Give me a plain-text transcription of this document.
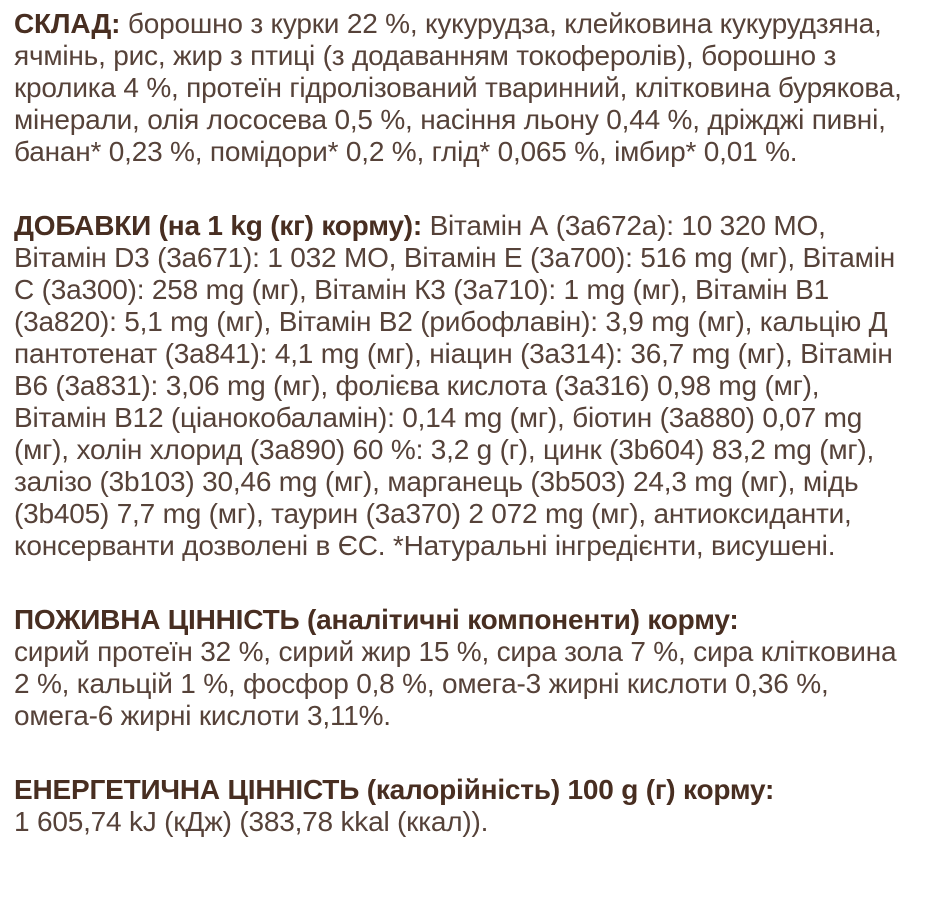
СКЛАД: борошно з курки 22 %, кукурудза, клейковина кукурудзяна, ячмінь, рис, жир з птиці (з додаванням токоферолів), борошно з кролика 4 %, протеїн гідролізований тваринний, клітковина бурякова, мінерали, олія лососева 0,5 %, насіння льону 0,44 %, дріжджі пивні, банан* 0,23 %, помідори* 0,2 %, глід* 0,065 %, імбир* 0,01 %.

ДОБАВКИ (на 1 kg (кг) корму): Вітамін А (3а672а): 10 320 МО, Вітамін D3 (3а671): 1 032 МО, Вітамін Е (3а700): 516 mg (мг), Вітамін С (3а300): 258 mg (мг), Вітамін К3 (3а710): 1 mg (мг), Вітамін В1 (3а820): 5,1 mg (мг), Вітамін В2 (рибофлавін): 3,9 mg (мг), кальцію Д пантотенат (3а841): 4,1 mg (мг), ніацин (3а314): 36,7 mg (мг), Вітамін В6 (3а831): 3,06 mg (мг), фолієва кислота (3а316) 0,98 mg (мг), Вітамін В12 (ціанокобаламін): 0,14 mg (мг), біотин (3а880) 0,07 mg (мг), холін хлорид (3а890) 60 %: 3,2 g (г), цинк (3b604) 83,2 mg (мг), залізо (3b103) 30,46 mg (мг), марганець (3b503) 24,3 mg (мг), мідь (3b405) 7,7 mg (мг), таурин (3а370) 2 072 mg (мг), антиоксиданти, консерванти дозволені в ЄС. *Натуральні інгредієнти, висушені.

ПОЖИВНА ЦІННІСТЬ (аналітичні компоненти) корму:
сирий протеїн 32 %, сирий жир 15 %, сира зола 7 %, сира клітковина 2 %, кальцій 1 %, фосфор 0,8 %, омега-3 жирні кислоти 0,36 %, омега-6 жирні кислоти 3,11%.

ЕНЕРГЕТИЧНА ЦІННІСТЬ (калорійність) 100 g (г) корму:
1 605,74 kJ (кДж) (383,78 kkal (ккал)).
